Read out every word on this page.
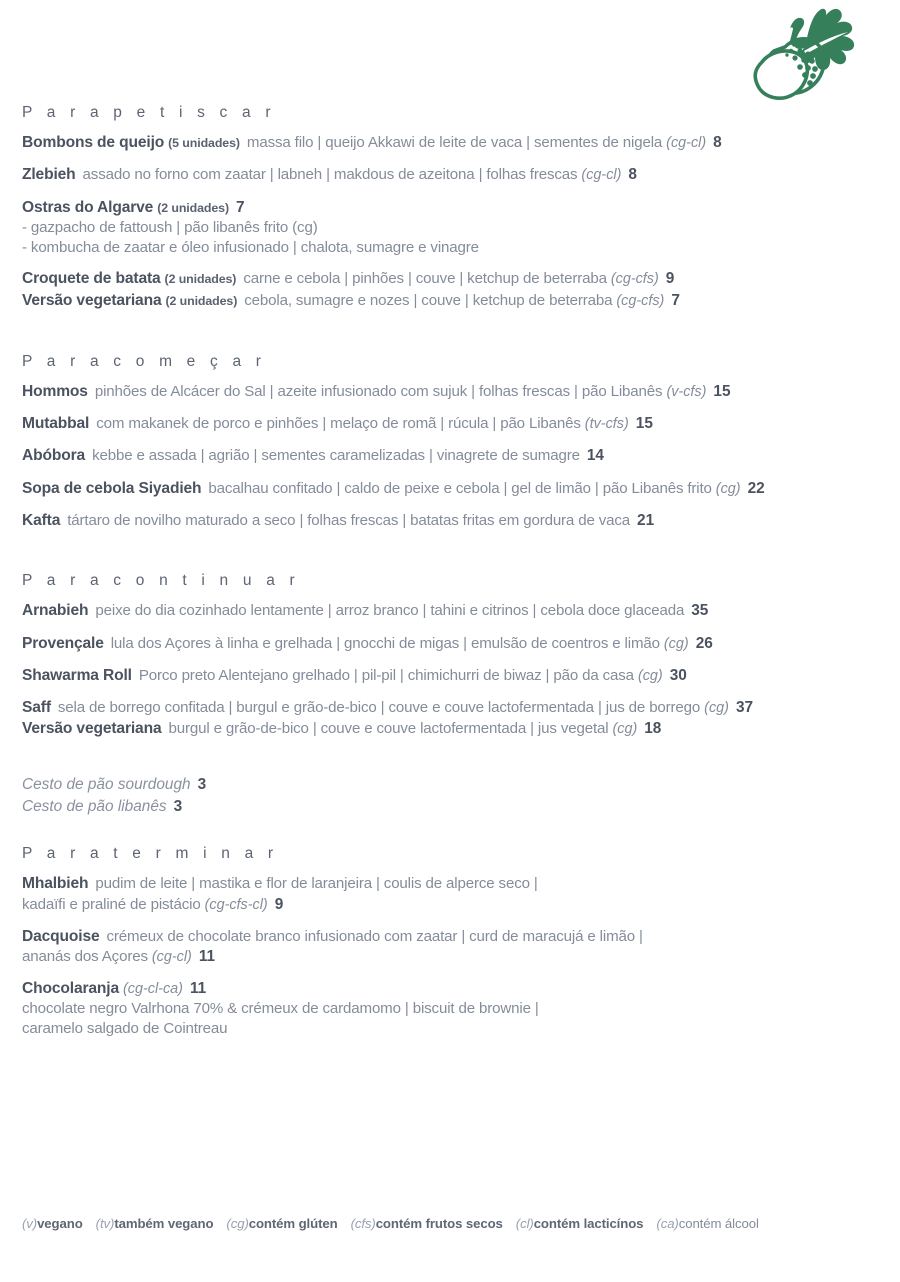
P a r a p e t i s c a r
Bombons de queijo (5 unidades) massa filo | queijo Akkawi de leite de vaca | sementes de nigela (cg-cl) 8
Zlebieh assado no forno com zaatar | labneh | makdous de azeitona | folhas frescas (cg-cl) 8
Ostras do Algarve (2 unidades) 7
- gazpacho de fattoush | pão libanês frito (cg)
- kombucha de zaatar e óleo infusionado | chalota, sumagre e vinagre
Croquete de batata (2 unidades) carne e cebola | pinhões | couve | ketchup de beterraba (cg-cfs) 9
Versão vegetariana (2 unidades) cebola, sumagre e nozes | couve | ketchup de beterraba (cg-cfs) 7
P a r a c o m e ç a r
Hommos pinhões de Alcácer do Sal | azeite infusionado com sujuk | folhas frescas | pão Libanês (v-cfs) 15
Mutabbal com makanek de porco e pinhões | melaço de romã | rúcula | pão Libanês (tv-cfs) 15
Abóbora kebbe e assada | agrião | sementes caramelizadas | vinagrete de sumagre 14
Sopa de cebola Siyadieh bacalhau confitado | caldo de peixe e cebola | gel de limão | pão Libanês frito (cg) 22
Kafta tártaro de novilho maturado a seco | folhas frescas | batatas fritas em gordura de vaca 21
P a r a c o n t i n u a r
Arnabieh peixe do dia cozinhado lentamente | arroz branco | tahini e citrinos | cebola doce glaceada 35
Provençale lula dos Açores à linha e grelhada | gnocchi de migas | emulsão de coentros e limão (cg) 26
Shawarma Roll Porco preto Alentejano grelhado | pil-pil | chimichurri de biwaz | pão da casa (cg) 30
Saff sela de borrego confitada | burgul e grão-de-bico | couve e couve lactofermentada | jus de borrego (cg) 37
Versão vegetariana burgul e grão-de-bico | couve e couve lactofermentada | jus vegetal (cg) 18
Cesto de pão sourdough 3
Cesto de pão libanês 3
P a r a t e r m i n a r
Mhalbieh pudim de leite | mastika e flor de laranjeira | coulis de alperce seco |
kadaïfi e praliné de pistácio (cg-cfs-cl) 9
Dacquoise crémeux de chocolate branco infusionado com zaatar | curd de maracujá e limão |
ananás dos Açores (cg-cl) 11
Chocolaranja (cg-cl-ca) 11
chocolate negro Valrhona 70% & crémeux de cardamomo | biscuit de brownie |
caramelo salgado de Cointreau
(v)vegano (tv)também vegano (cg)contém glúten (cfs)contém frutos secos (cl)contém lacticínos (ca)contém álcool
